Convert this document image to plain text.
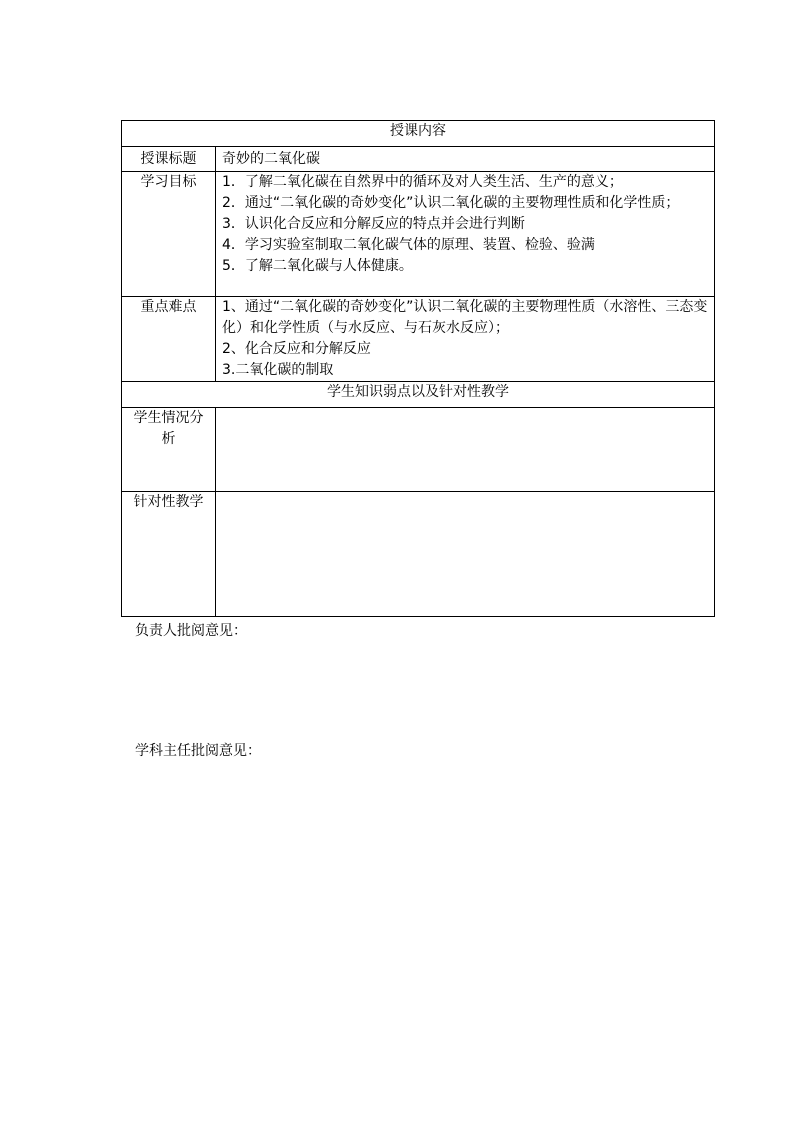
授课内容	
授课标题	奇妙的二氧化碳
学习目标	1．了解二氧化碳在自然界中的循环及对人类生活、生产的意义；
2．通过“二氧化碳的奇妙变化”认识二氧化碳的主要物理性质和化学性质；
3．认识化合反应和分解反应的特点并会进行判断
4．学习实验室制取二氧化碳气体的原理、装置、检验、验满
5．了解二氧化碳与人体健康。

重点难点	1、通过“二氧化碳的奇妙变化”认识二氧化碳的主要物理性质（水溶性、三态变化）和化学性质（与水反应、与石灰水反应）；
2、化合反应和分解反应
3.二氧化碳的制取

学生知识弱点以及针对性教学	
学生情况分析	
针对性教学	
负责人批阅意见：
学科主任批阅意见：
